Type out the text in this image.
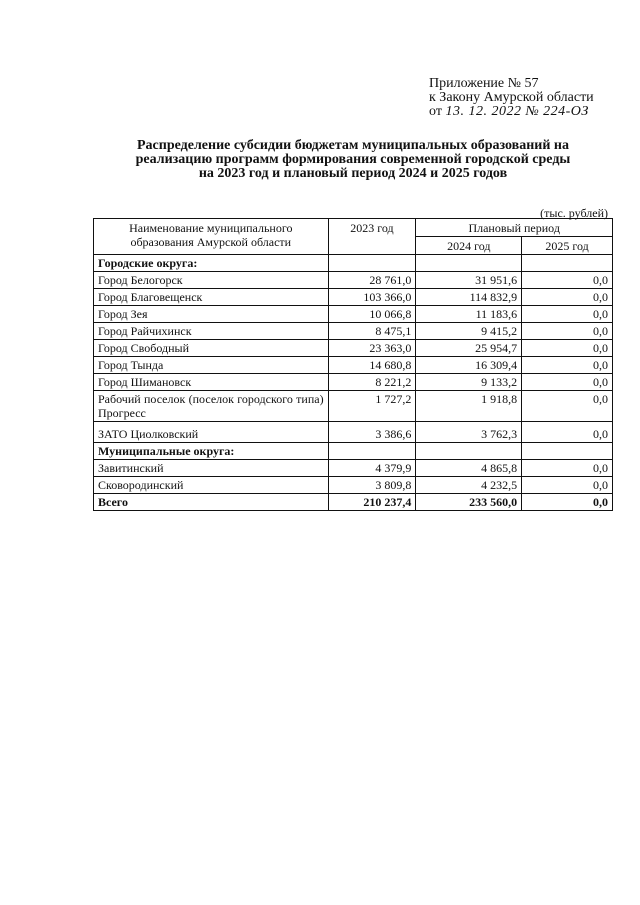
Приложение № 57
к Закону Амурской области
от 13. 12. 2022 № 224-ОЗ
Распределение субсидии бюджетам муниципальных образований на
реализацию программ формирования современной городской среды
на 2023 год и плановый период 2024 и 2025 годов
(тыс. рублей)
Наименование муниципального образования Амурской области	2023 год	Плановый период	
		2024 год	2025 год
Городские округа:			
Город Белогорск	28 761,0	31 951,6	0,0
Город Благовещенск	103 366,0	114 832,9	0,0
Город Зея	10 066,8	11 183,6	0,0
Город Райчихинск	8 475,1	9 415,2	0,0
Город Свободный	23 363,0	25 954,7	0,0
Город Тында	14 680,8	16 309,4	0,0
Город Шимановск	8 221,2	9 133,2	0,0
Рабочий поселок (поселок городского типа) Прогресс	1 727,2	1 918,8	0,0
ЗАТО Циолковский	3 386,6	3 762,3	0,0
Муниципальные округа:			
Завитинский	4 379,9	4 865,8	0,0
Сковородинский	3 809,8	4 232,5	0,0
Всего	210 237,4	233 560,0	0,0
